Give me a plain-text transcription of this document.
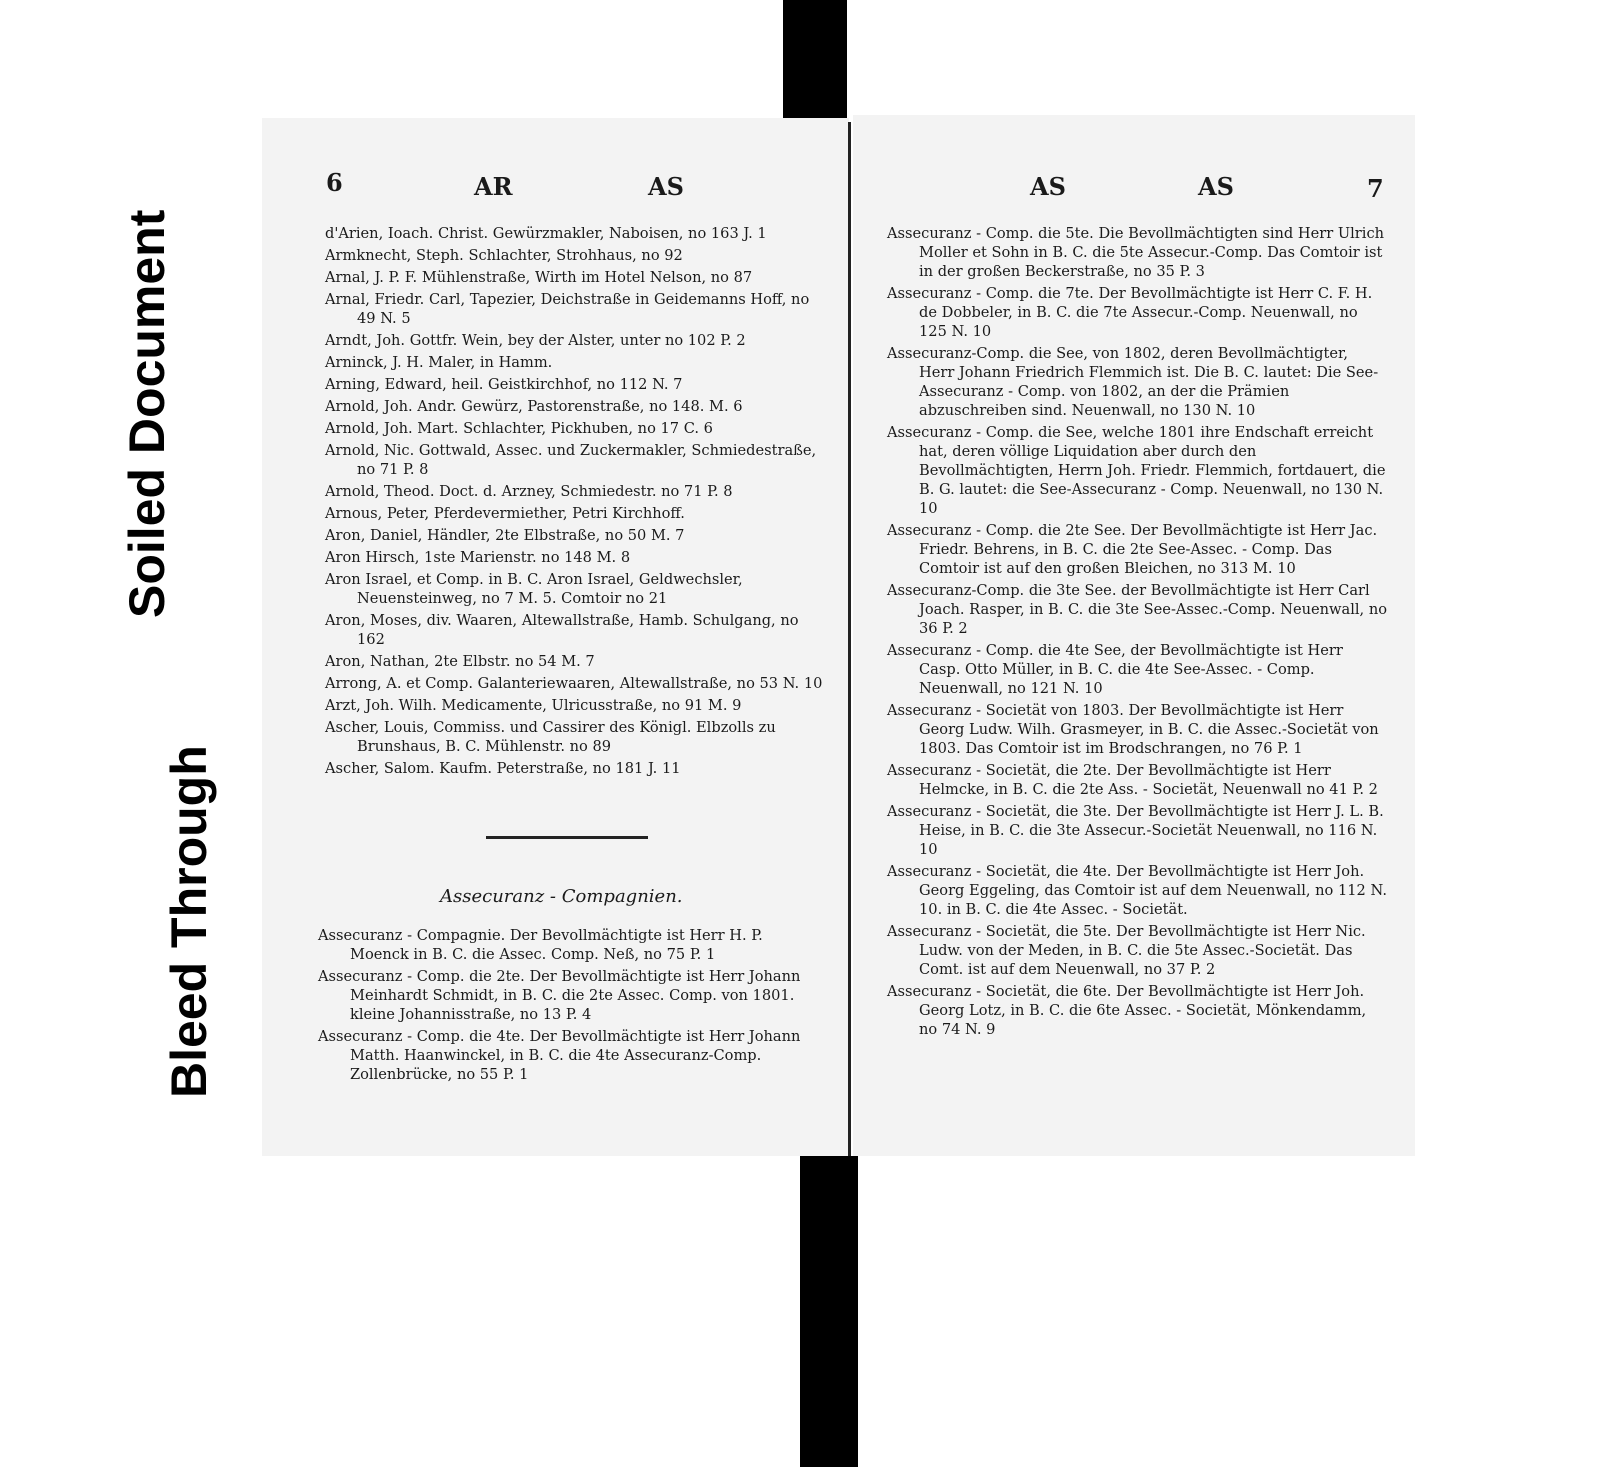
Soiled Document
Bleed Through
6	AR	AS

d'Arien, Ioach. Christ. Gewürzmakler, Naboisen, no 163 J. 1

Armknecht, Steph. Schlachter, Strohhaus, no 92

Arnal, J. P. F. Mühlenstraße, Wirth im Hotel Nelson, no 87

Arnal, Friedr. Carl, Tapezier, Deichstraße in Geidemanns Hoff, no 49 N. 5

Arndt, Joh. Gottfr. Wein, bey der Alster, unter no 102 P. 2

Arninck, J. H. Maler, in Hamm.

Arning, Edward, heil. Geistkirchhof, no 112 N. 7

Arnold, Joh. Andr. Gewürz, Pastorenstraße, no 148. M. 6

Arnold, Joh. Mart. Schlachter, Pickhuben, no 17 C. 6

Arnold, Nic. Gottwald, Assec. und Zuckermakler, Schmiedestraße, no 71 P. 8

Arnold, Theod. Doct. d. Arzney, Schmiedestr. no 71 P. 8

Arnous, Peter, Pferdevermiether, Petri Kirchhoff.

Aron, Daniel, Händler, 2te Elbstraße, no 50 M. 7

Aron Hirsch, 1ste Marienstr. no 148 M. 8

Aron Israel, et Comp. in B. C. Aron Israel, Geldwechsler, Neuensteinweg, no 7 M. 5. Comtoir no 21

Aron, Moses, div. Waaren, Altewallstraße, Hamb. Schulgang, no 162

Aron, Nathan, 2te Elbstr. no 54 M. 7

Arrong, A. et Comp. Galanteriewaaren, Altewallstraße, no 53 N. 10

Arzt, Joh. Wilh. Medicamente, Ulricusstraße, no 91 M. 9

Ascher, Louis, Commiss. und Cassirer des Königl. Elbzolls zu Brunshaus, B. C. Mühlenstr. no 89

Ascher, Salom. Kaufm. Peterstraße, no 181 J. 11

Assecuranz - Compagnien.

Assecuranz - Compagnie. Der Bevollmächtigte ist Herr H. P. Moenck in B. C. die Assec. Comp. Neß, no 75 P. 1

Assecuranz - Comp. die 2te. Der Bevollmächtigte ist Herr Johann Meinhardt Schmidt, in B. C. die 2te Assec. Comp. von 1801. kleine Johannisstraße, no 13 P. 4

Assecuranz - Comp. die 4te. Der Bevollmächtigte ist Herr Johann Matth. Haanwinckel, in B. C. die 4te Assecuranz-Comp. Zollenbrücke, no 55 P. 1

AS	AS	7

Assecuranz - Comp. die 5te. Die Bevollmächtigten sind Herr Ulrich Moller et Sohn in B. C. die 5te Assecur.-Comp. Das Comtoir ist in der großen Beckerstraße, no 35 P. 3

Assecuranz - Comp. die 7te. Der Bevollmächtigte ist Herr C. F. H. de Dobbeler, in B. C. die 7te Assecur.-Comp. Neuenwall, no 125 N. 10

Assecuranz-Comp. die See, von 1802, deren Bevollmächtigter, Herr Johann Friedrich Flemmich ist. Die B. C. lautet: Die See-Assecuranz - Comp. von 1802, an der die Prämien abzuschreiben sind. Neuenwall, no 130 N. 10

Assecuranz - Comp. die See, welche 1801 ihre Endschaft erreicht hat, deren völlige Liquidation aber durch den Bevollmächtigten, Herrn Joh. Friedr. Flemmich, fortdauert, die B. G. lautet: die See-Assecuranz - Comp. Neuenwall, no 130 N. 10

Assecuranz - Comp. die 2te See. Der Bevollmächtigte ist Herr Jac. Friedr. Behrens, in B. C. die 2te See-Assec. - Comp. Das Comtoir ist auf den großen Bleichen, no 313 M. 10

Assecuranz-Comp. die 3te See. der Bevollmächtigte ist Herr Carl Joach. Rasper, in B. C. die 3te See-Assec.-Comp. Neuenwall, no 36 P. 2

Assecuranz - Comp. die 4te See, der Bevollmächtigte ist Herr Casp. Otto Müller, in B. C. die 4te See-Assec. - Comp. Neuenwall, no 121 N. 10

Assecuranz - Societät von 1803. Der Bevollmächtigte ist Herr Georg Ludw. Wilh. Grasmeyer, in B. C. die Assec.-Societät von 1803. Das Comtoir ist im Brodschrangen, no 76 P. 1

Assecuranz - Societät, die 2te. Der Bevollmächtigte ist Herr Helmcke, in B. C. die 2te Ass. - Societät, Neuenwall no 41 P. 2

Assecuranz - Societät, die 3te. Der Bevollmächtigte ist Herr J. L. B. Heise, in B. C. die 3te Assecur.-Societät Neuenwall, no 116 N. 10

Assecuranz - Societät, die 4te. Der Bevollmächtigte ist Herr Joh. Georg Eggeling, das Comtoir ist auf dem Neuenwall, no 112 N. 10. in B. C. die 4te Assec. - Societät.

Assecuranz - Societät, die 5te. Der Bevollmächtigte ist Herr Nic. Ludw. von der Meden, in B. C. die 5te Assec.-Societät. Das Comt. ist auf dem Neuenwall, no 37 P. 2

Assecuranz - Societät, die 6te. Der Bevollmächtigte ist Herr Joh. Georg Lotz, in B. C. die 6te Assec. - Societät, Mönkendamm, no 74 N. 9
